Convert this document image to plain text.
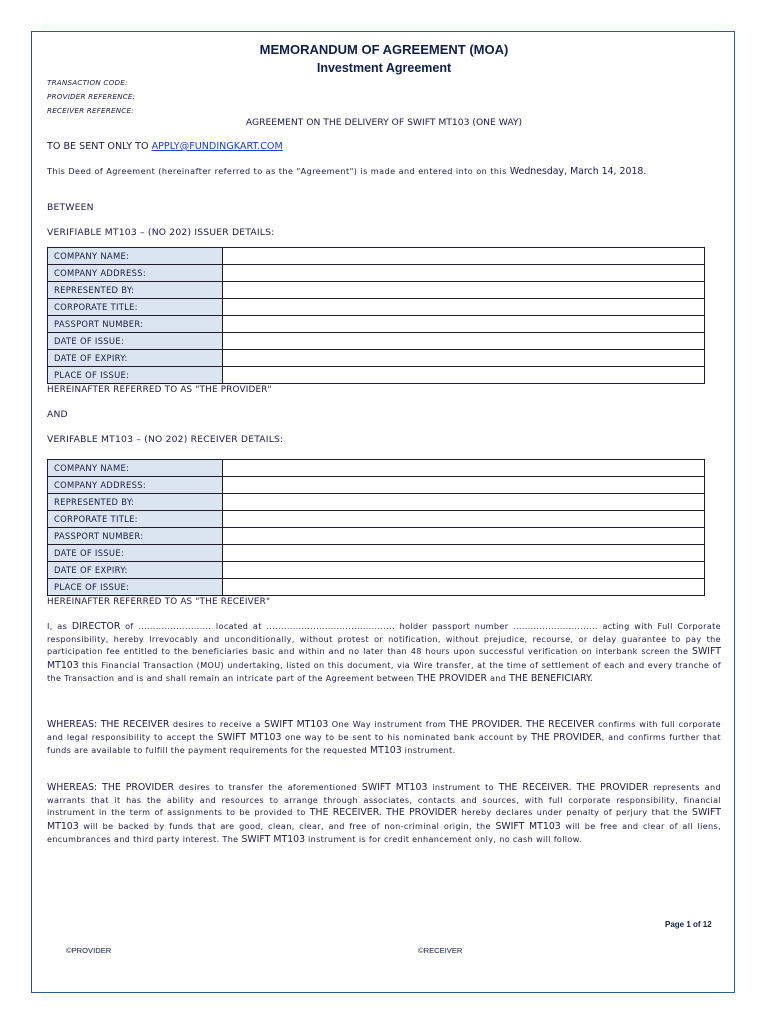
MEMORANDUM OF AGREEMENT (MOA)
Investment Agreement
TRANSACTION CODE:
PROVIDER REFERENCE:
RECEIVER REFERENCE:
AGREEMENT ON THE DELIVERY OF SWIFT MT103 (ONE WAY)
TO BE SENT ONLY TO APPLY@FUNDINGKART.COM
This Deed of Agreement (hereinafter referred to as the "Agreement") is made and entered into on this Wednesday, March 14, 2018.
BETWEEN
VERIFIABLE MT103 – (NO 202) ISSUER DETAILS:
COMPANY NAME:	
COMPANY ADDRESS:	
REPRESENTED BY:	
CORPORATE TITLE:	
PASSPORT NUMBER:	
DATE OF ISSUE:	
DATE OF EXPIRY:	
PLACE OF ISSUE:	
HEREINAFTER REFERRED TO AS "THE PROVIDER"
AND
VERIFABLE MT103 – (NO 202) RECEIVER DETAILS:
COMPANY NAME:	
COMPANY ADDRESS:	
REPRESENTED BY:	
CORPORATE TITLE:	
PASSPORT NUMBER:	
DATE OF ISSUE:	
DATE OF EXPIRY:	
PLACE OF ISSUE:	
HEREINAFTER REFERRED TO AS "THE RECEIVER"
I, as DIRECTOR of ......................... located at ............................................ holder passport number ............................. acting with Full Corporate responsibility, hereby Irrevocably and unconditionally, without protest or notification, without prejudice, recourse, or delay guarantee to pay the participation fee entitled to the beneficiaries basic and within and no later than 48 hours upon successful verification on interbank screen the SWIFT MT103 this Financial Transaction (MOU) undertaking, listed on this document, via Wire transfer, at the time of settlement of each and every tranche of the Transaction and is and shall remain an intricate part of the Agreement between THE PROVIDER and THE BENEFICIARY.
WHEREAS: THE RECEIVER desires to receive a SWIFT MT103 One Way instrument from THE PROVIDER. THE RECEIVER confirms with full corporate and legal responsibility to accept the SWIFT MT103 one way to be sent to his nominated bank account by THE PROVIDER, and confirms further that funds are available to fulfill the payment requirements for the requested MT103 instrument.
WHEREAS: THE PROVIDER desires to transfer the aforementioned SWIFT MT103 instrument to THE RECEIVER. THE PROVIDER represents and warrants that it has the ability and resources to arrange through associates, contacts and sources, with full corporate responsibility, financial instrument in the term of assignments to be provided to THE RECEIVER. THE PROVIDER hereby declares under penalty of perjury that the SWIFT MT103 will be backed by funds that are good, clean, clear, and free of non-criminal origin, the SWIFT MT103 will be free and clear of all liens, encumbrances and third party interest. The SWIFT MT103 instrument is for credit enhancement only, no cash will follow.
Page 1 of 12
©PROVIDER	©RECEIVER
